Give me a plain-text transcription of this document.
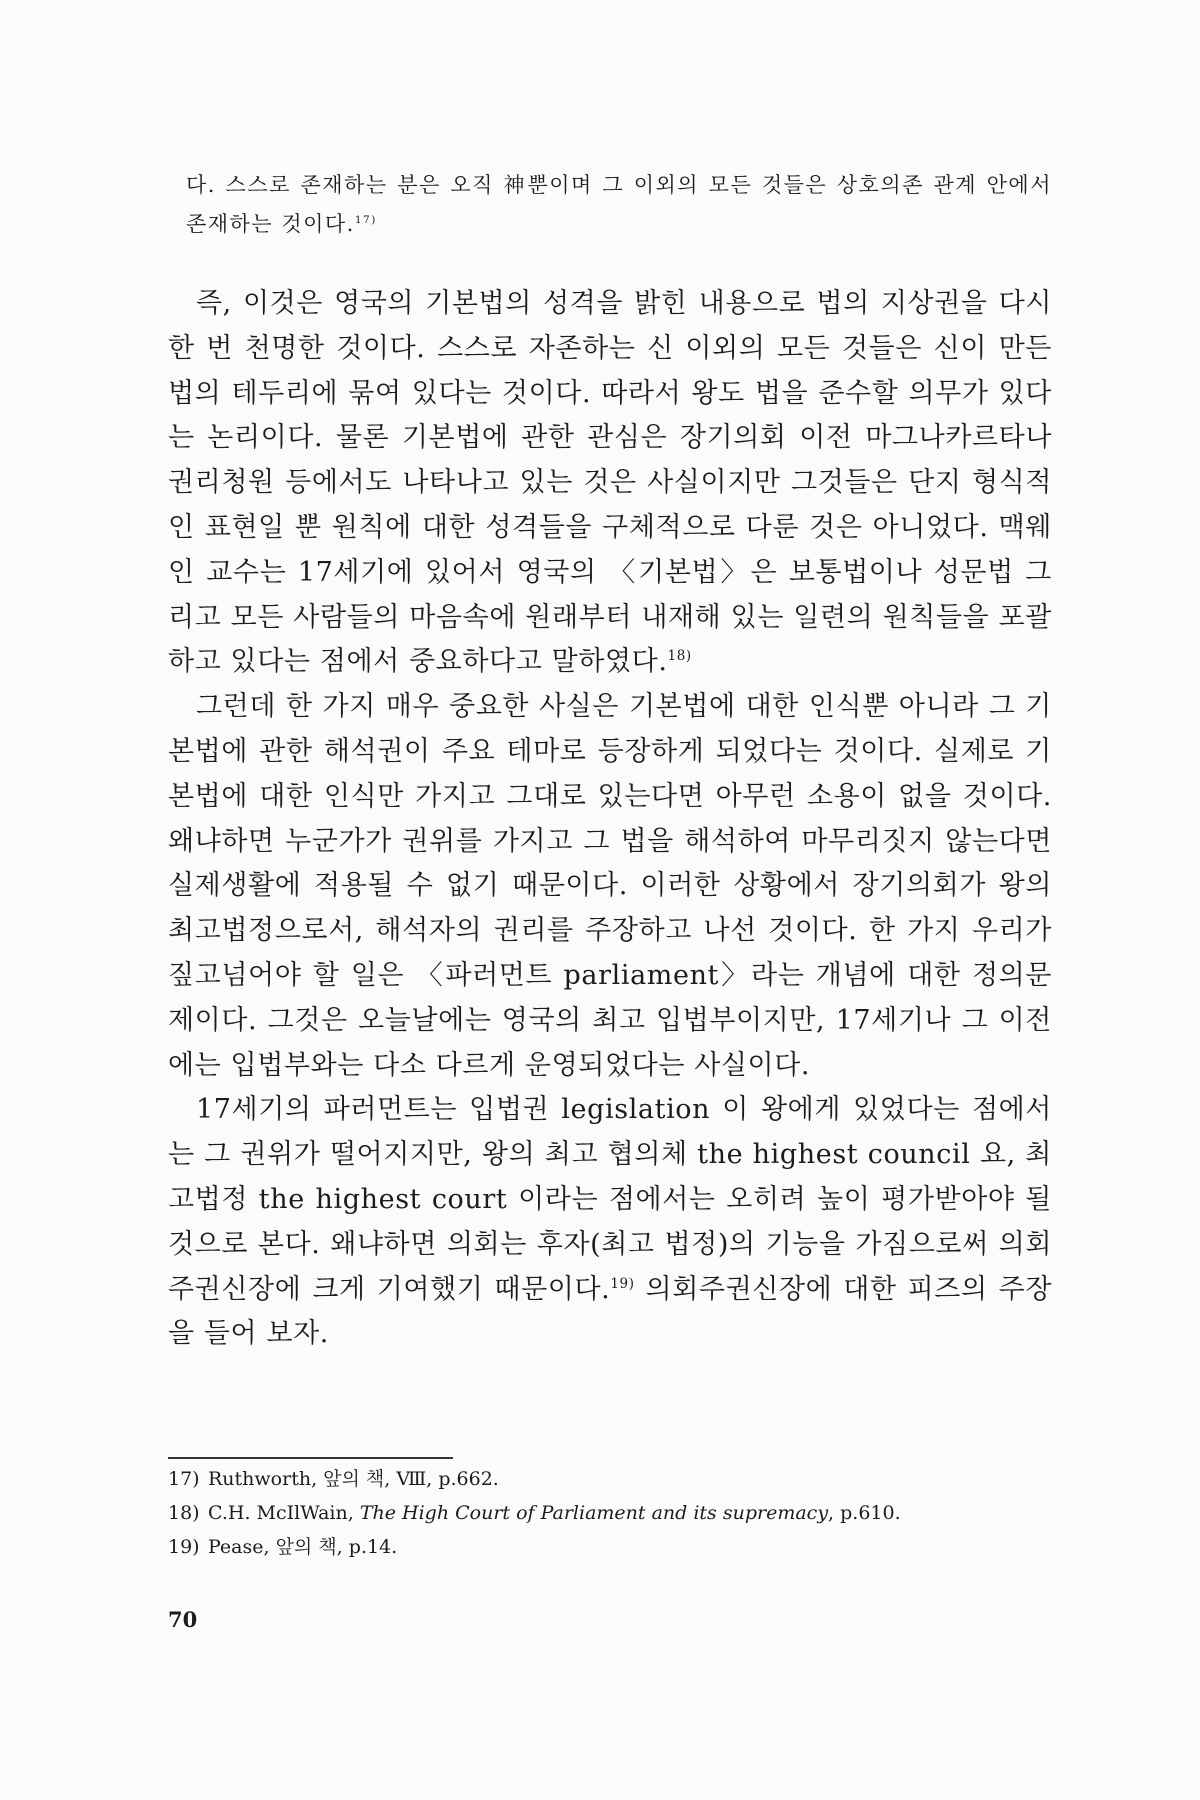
다. 스스로 존재하는 분은 오직 神뿐이며 그 이외의 모든 것들은 상호의존 관계 안에서 존재하는 것이다.$^{17)}$

즉, 이것은 영국의 기본법의 성격을 밝힌 내용으로 법의 지상권을 다시 한 번 천명한 것이다. 스스로 자존하는 신 이외의 모든 것들은 신이 만든 법의 테두리에 묶여 있다는 것이다. 따라서 왕도 법을 준수할 의무가 있다는 논리이다. 물론 기본법에 관한 관심은 장기의회 이전 마그나카르타나 권리청원 등에서도 나타나고 있는 것은 사실이지만 그것들은 단지 형식적인 표현일 뿐 원칙에 대한 성격들을 구체적으로 다룬 것은 아니었다. 맥웨인 교수는 17세기에 있어서 영국의 〈기본법〉은 보통법이나 성문법 그리고 모든 사람들의 마음속에 원래부터 내재해 있는 일련의 원칙들을 포괄하고 있다는 점에서 중요하다고 말하였다.$^{18)}$

그런데 한 가지 매우 중요한 사실은 기본법에 대한 인식뿐 아니라 그 기본법에 관한 해석권이 주요 테마로 등장하게 되었다는 것이다. 실제로 기본법에 대한 인식만 가지고 그대로 있는다면 아무런 소용이 없을 것이다. 왜냐하면 누군가가 권위를 가지고 그 법을 해석하여 마무리짓지 않는다면 실제생활에 적용될 수 없기 때문이다. 이러한 상황에서 장기의회가 왕의 최고법정으로서, 해석자의 권리를 주장하고 나선 것이다. 한 가지 우리가 짚고넘어야 할 일은 〈파러먼트 parliament〉라는 개념에 대한 정의문제이다. 그것은 오늘날에는 영국의 최고 입법부이지만, 17세기나 그 이전에는 입법부와는 다소 다르게 운영되었다는 사실이다.

17세기의 파러먼트는 입법권 legislation 이 왕에게 있었다는 점에서는 그 권위가 떨어지지만, 왕의 최고 협의체 the highest council 요, 최고법정 the highest court 이라는 점에서는 오히려 높이 평가받아야 될 것으로 본다. 왜냐하면 의회는 후자(최고 법정)의 기능을 가짐으로써 의회주권신장에 크게 기여했기 때문이다.$^{19)}$ 의회주권신장에 대한 피즈의 주장을 들어 보자.

17) Ruthworth, 앞의 책, Ⅷ, p.662.

18) C.H. McIlWain, The High Court of Parliament and its supremacy, p.610.

19) Pease, 앞의 책, p.14.

70
